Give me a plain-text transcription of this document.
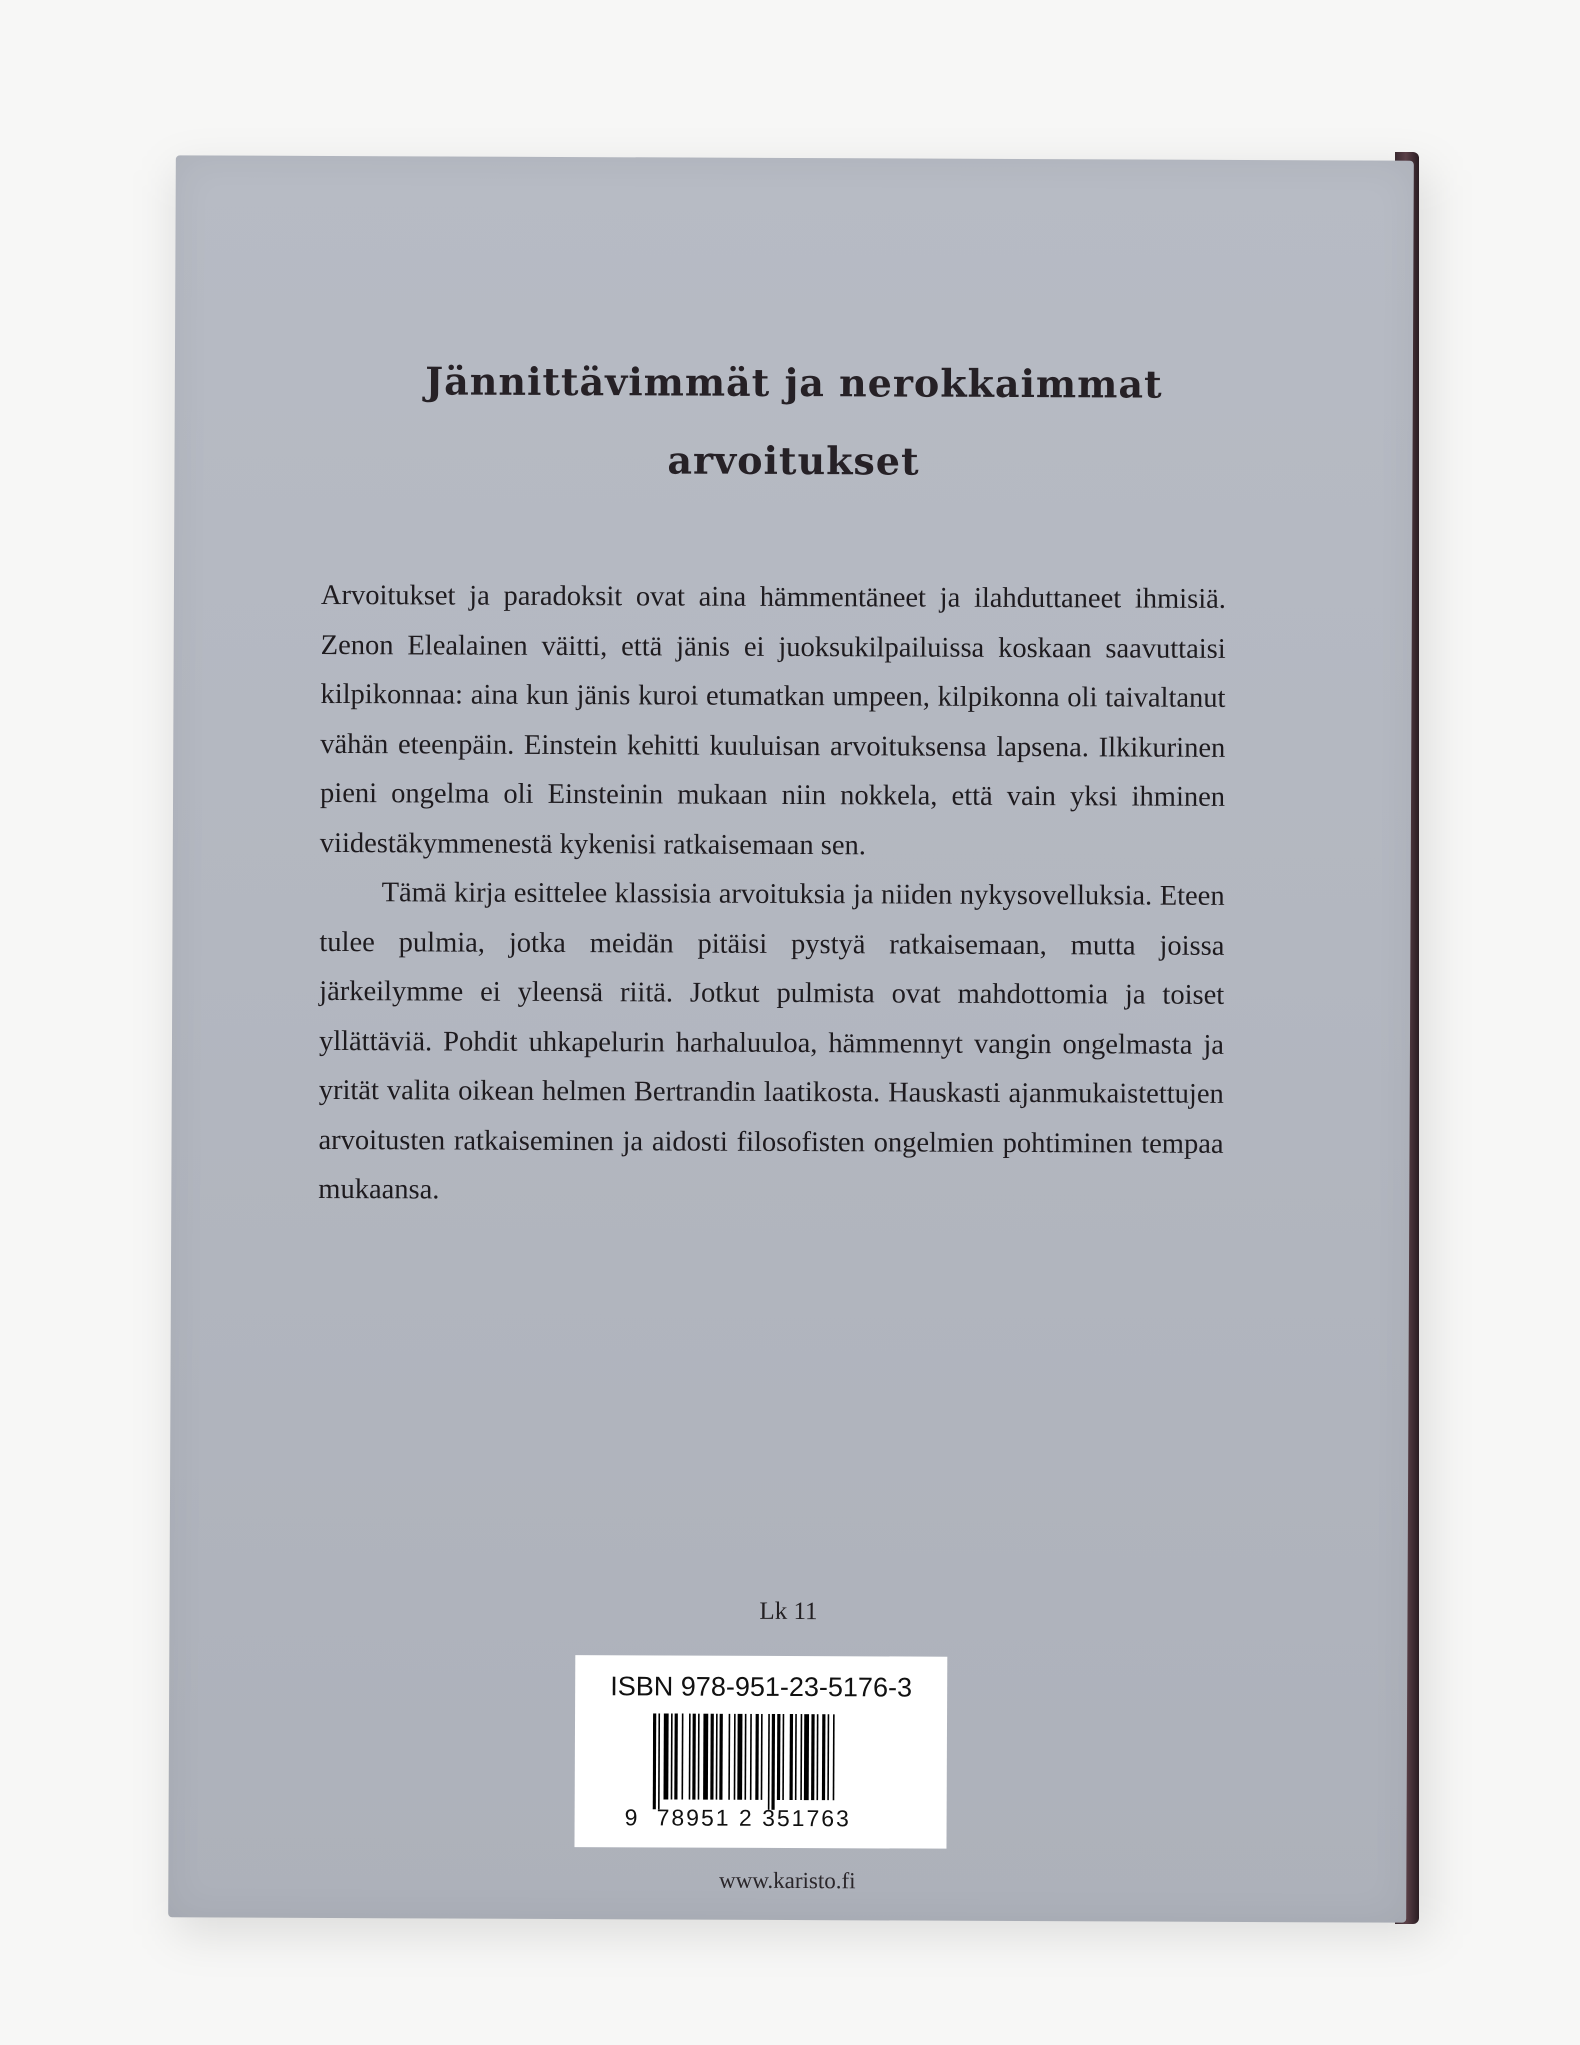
Jännittävimmät ja nerokkaimmat
arvoitukset

Arvoitukset ja paradoksit ovat aina hämmentäneet ja ilahduttaneet ihmisiä. Zenon Elealainen väitti, että jänis ei juoksukilpailuissa koskaan saavuttaisi kilpikonnaa: aina kun jänis kuroi etumatkan umpeen, kilpikonna oli taivaltanut vähän eteenpäin. Einstein kehitti kuuluisan arvoituksensa lapsena. Ilkikurinen pieni ongelma oli Einsteinin mukaan niin nokkela, että vain yksi ihminen viidestäkymmenestä kykenisi ratkaisemaan sen.

Tämä kirja esittelee klassisia arvoituksia ja niiden nykysovelluksia. Eteen tulee pulmia, jotka meidän pitäisi pystyä ratkaisemaan, mutta joissa järkeilymme ei yleensä riitä. Jotkut pulmista ovat mahdottomia ja toiset yllättäviä. Pohdit uhkapelurin harhaluuloa, hämmennyt vangin ongelmasta ja yrität valita oikean helmen Bertrandin laatikosta. Hauskasti ajanmukaistettujen arvoitusten ratkaiseminen ja aidosti filosofisten ongelmien pohtiminen tempaa mukaansa.

Lk 11
ISBN 978-951-23-5176-3
9 78951 2 351763
www.karisto.fi
